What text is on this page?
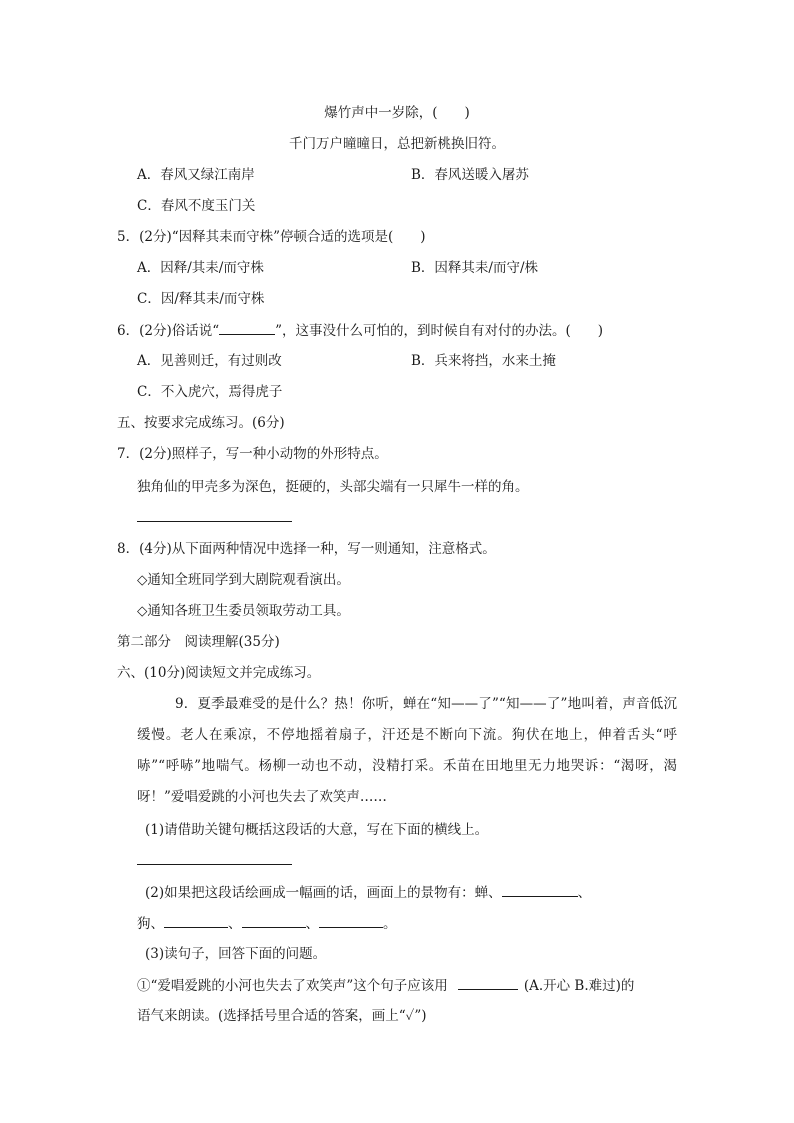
爆竹声中一岁除，(　　)
千门万户曈曈日，总把新桃换旧符。
A．春风又绿江南岸	B．春风送暖入屠苏
C．春风不度玉门关
5．(2分)“因释其耒而守株”停顿合适的选项是(　　)
A．因释/其耒/而守株	B．因释其耒/而守/株
C．因/释其耒/而守株
6．(2分)俗话说“	”，这事没什么可怕的，到时候自有对付的办法。(　　)
A．见善则迁，有过则改	B．兵来将挡，水来土掩
C．不入虎穴，焉得虎子
五、按要求完成练习。(6分)
7．(2分)照样子，写一种小动物的外形特点。
独角仙的甲壳多为深色，挺硬的，头部尖端有一只犀牛一样的角。
8．(4分)从下面两种情况中选择一种，写一则通知，注意格式。
◇通知全班同学到大剧院观看演出。
◇通知各班卫生委员领取劳动工具。
第二部分　阅读理解(35分)
六、(10分)阅读短文并完成练习。
9．夏季最难受的是什么？热！你听，蝉在“知——了”“知——了”地叫着，声音低沉缓慢。老人在乘凉，不停地摇着扇子，汗还是不断向下流。狗伏在地上，伸着舌头“呼哧”“呼哧”地喘气。杨柳一动也不动，没精打采。禾苗在田地里无力地哭诉：“渴呀，渴呀！”爱唱爱跳的小河也失去了欢笑声……
(1)请借助关键句概括这段话的大意，写在下面的横线上。
(2)如果把这段话绘画成一幅画的话，画面上的景物有：蝉、	、
狗、	、	、	。
(3)读句子，回答下面的问题。
①“爱唱爱跳的小河也失去了欢笑声”这个句子应该用	(A.开心 B.难过)的
语气来朗读。(选择括号里合适的答案，画上“✓”)
